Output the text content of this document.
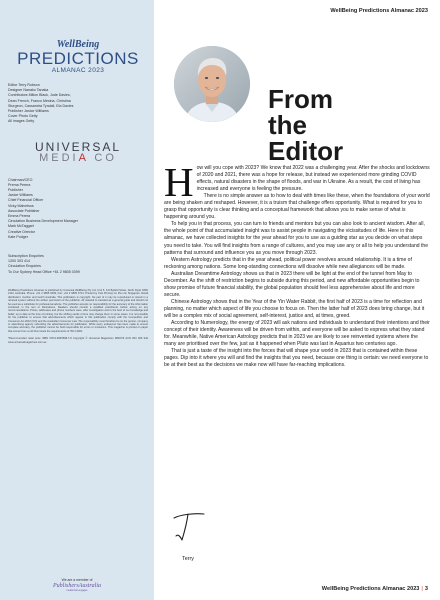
WellBeing
PREDICTIONS
ALMANAC 2023
Editor Terry Robson
Designer Nanako Tanaka
Contributors Milton Black, Jude Davies,
Dean French, Franco Mesina, Christina
Sturgeon, Cassandra Tyndall, Ela Davies
Publisher Janice Williams
Cover Photo Getty
All images Getty
UNIVERSAL
MEDIA CO
Chairman/CEO
Prema Perera
Publisher
Janice Williams
Chief Financial Officer
Vicky Malvetsos
Associate Publisher
Emma Perera
Circulation Business Development Manager
Mark McTaggart
Creative Director
Kate Podger
Subscription Enquiries
1300 303 414
Circulation Enquiries
To Our Sydney Head Office +61 2 9805 0399
WellBeing Predictions Almanac is published by Universal WellBeing Pty Ltd, Unit 5, 6-8 Byfield Street, North Ryde NSW 2113, Australia. Phone: +61 2 9805 0399, Fax: +61 2 9805 0714. Printed by KHL Printing Co Pte Ltd, Singapore. Retail distribution: Gordon and Gotch Australia. This publication is copyright. No part of it may be reproduced or stored in a retrieval system without the written permission of the publisher. All material is intended as a general guide and should not be used as a substitute for professional advice. The publisher accepts no responsibility for the accuracy of the information contained in the text or illustrations. Readers should consult a qualified practitioner before acting on any recommendations. Prices, addresses and phone numbers were, after investigation and to the best of our knowledge and belief, up to date at the time of printing, but the shifting sands of time may change them in some cases. It is not possible for the publisher to ensure that advertisements which appear in this publication comply with the Competition and Consumer Act 2010 (Cth) and the Australian Consumer Law. The responsibility must therefore be on the person, company or advertising agency submitting the advertisements for publication. While every endeavour has been made to ensure complete accuracy, the publisher cannot be held responsible for errors or omissions. This magazine is printed on paper that comes from a mill that meets the requirements of ISO 14001.
*Recommended retail price ISBN 978-0-9925598-7-8 Copyright © Universal Magazines MMXXII ACN 003 026 944 www.universalmagazines.com.au
We are a member of
PublishersAustralia
media that engages
WellBeing Predictions Almanac 2023
From
the
Editor

How will you cope with 2023? We know that 2022 was a challenging year. After the shocks and lockdowns of 2020 and 2021, there was a hope for release, but instead we experienced more grinding COVID effects, natural disasters in the shape of floods, and war in Ukraine. As a result, the cost of living has increased and everyone is feeling the pressure.

There is no simple answer as to how to deal with times like these, when the foundations of your world are being shaken and reshaped. However, it is a truism that challenge offers opportunity. What is required for you to grasp that opportunity is clear thinking and a conceptual framework that allows you to make sense of what is happening around you.

To help you in that process, you can turn to friends and mentors but you can also look to ancient wisdom. After all, the whole point of that accumulated insight was to assist people in navigating the vicissitudes of life. Here in this almanac, we have collected insights for the year ahead for you to use as a guiding star as you decide on what steps you need to take. You will find insights from a range of cultures, and you may use any or all to help you understand the patterns that surround and influence you as you move through 2023.

Western Astrology predicts that in the year ahead, political power revolves around relationship. It is a time of reckoning among nations. Some long-standing connections will dissolve while new allegiances will be made.

Australian Dreamtime Astrology shows us that in 2023 there will be light at the end of the tunnel from May to December. As the shift of restriction begins to subside during this period, and new affordable opportunities begin to show promise of future financial stability, the global population should feel less apprehensive about life and more secure.

Chinese Astrology shows that in the Year of the Yin Water Rabbit, the first half of 2023 is a time for reflection and planning, no matter which aspect of life you choose to focus on. Then the latter half of 2023 does bring change, but it will be a complex mix of social agreement, self-interest, justice and, at times, greed.

According to Numerology, the energy of 2023 will ask nations and individuals to understand their intentions and their concept of their identity. Awareness will be driven from within, and everyone will be asked to express what they stand for. Meanwhile, Native American Astrology predicts that in 2023 we are likely to see reinvented systems where the many are prioritised over the few, just as it happened when Pluto was last in Aquarius two centuries ago.

That is just a taste of the insight into the forces that will shape your world in 2023 that is contained within these pages. Dip into it where you will and find the insights that you need, because one thing is certain: we need everyone to be at their best as the decisions we make now will have far-reaching implications.

Terry
WellBeing Predictions Almanac 2023 | 3
